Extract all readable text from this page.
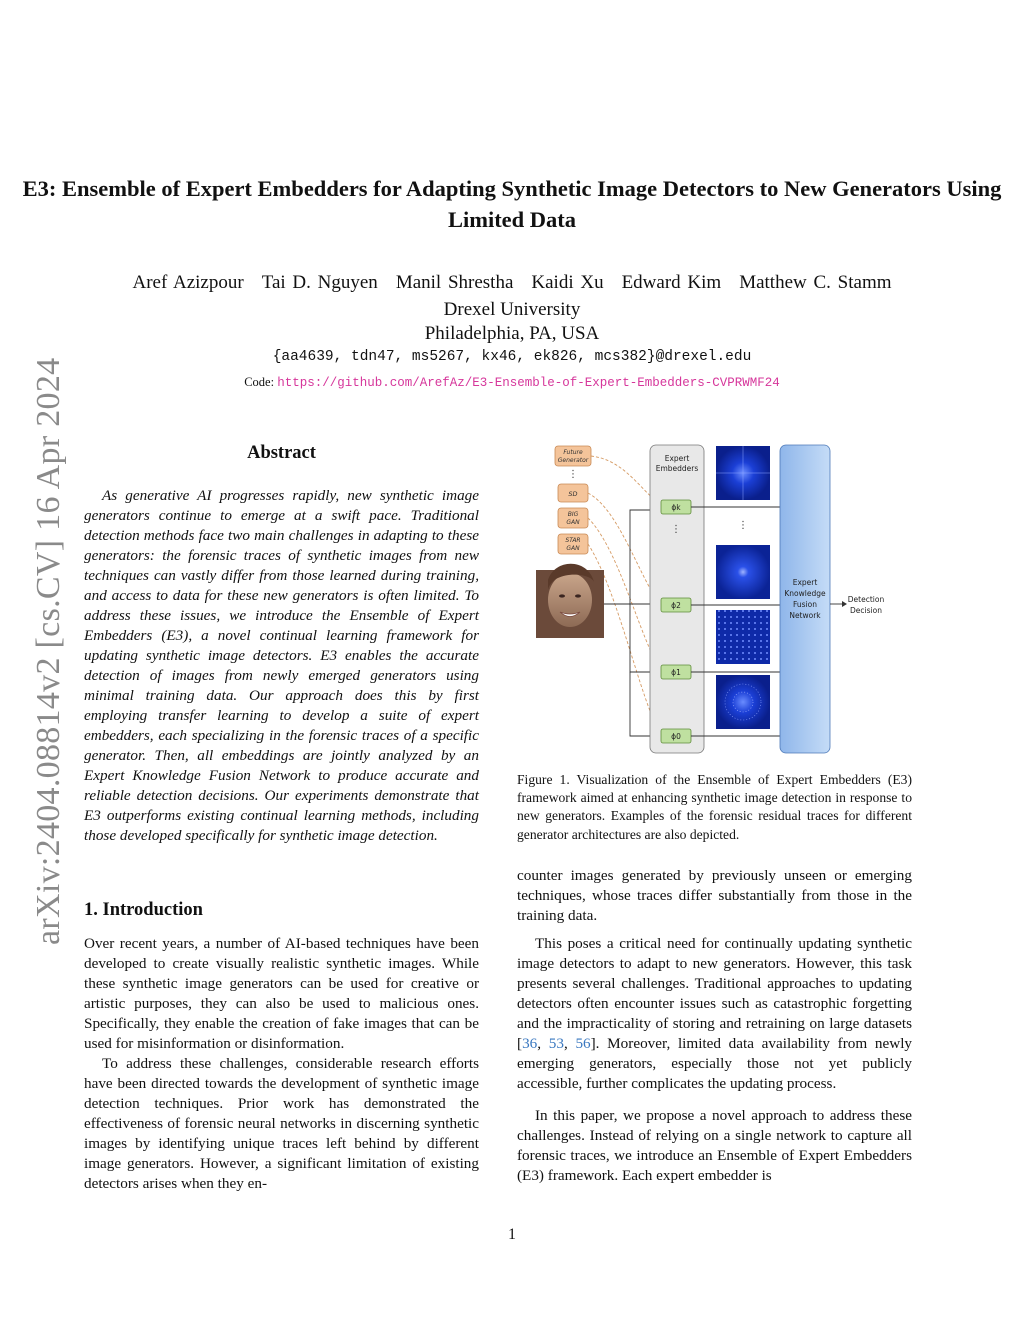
E3: Ensemble of Expert Embedders for Adapting Synthetic Image Detectors to New Generators Using Limited Data
Aref Azizpour Tai D. Nguyen Manil Shrestha Kaidi Xu Edward Kim Matthew C. Stamm
Drexel University
Philadelphia, PA, USA
{aa4639, tdn47, ms5267, kx46, ek826, mcs382}@drexel.edu
Code: https://github.com/ArefAz/E3-Ensemble-of-Expert-Embedders-CVPRWMF24
arXiv:2404.08814v2 [cs.CV] 16 Apr 2024	Abstract

As generative AI progresses rapidly, new synthetic image generators continue to emerge at a swift pace. Traditional detection methods face two main challenges in adapting to these generators: the forensic traces of synthetic images from new techniques can vastly differ from those learned during training, and access to data for these new generators is often limited. To address these issues, we introduce the Ensemble of Expert Embedders (E3), a novel continual learning framework for updating synthetic image detectors. E3 enables the accurate detection of images from newly emerged generators using minimal training data. Our approach does this by first employing transfer learning to develop a suite of expert embedders, each specializing in the forensic traces of a specific generator. Then, all embeddings are jointly analyzed by an Expert Knowledge Fusion Network to produce accurate and reliable detection decisions. Our experiments demonstrate that E3 outperforms existing continual learning methods, including those developed specifically for synthetic image detection.

1. Introduction

Over recent years, a number of AI-based techniques have been developed to create visually realistic synthetic images. While these synthetic image generators can be used for creative or artistic purposes, they can also be used to malicious ones. Specifically, they enable the creation of fake images that can be used for misinformation or disinformation.

To address these challenges, considerable research efforts have been directed towards the development of synthetic image detection techniques. Prior work has demonstrated the effectiveness of forensic neural networks in discerning synthetic images by identifying unique traces left behind by different image generators. However, a significant limitation of existing detectors arises when they en-

Future
Generator
⋮
SD
BIG
GAN
STAR
GAN
Expert
Embedders
ϕk
⋮
ϕ2
ϕ1
ϕ0
⋮
Expert
Knowledge
Fusion
Network
Detection
Decision
Figure 1. Visualization of the Ensemble of Expert Embedders (E3) framework aimed at enhancing synthetic image detection in response to new generators. Examples of the forensic residual traces for different generator architectures are also depicted.

counter images generated by previously unseen or emerging techniques, whose traces differ substantially from those in the training data.

This poses a critical need for continually updating synthetic image detectors to adapt to new generators. However, this task presents several challenges. Traditional approaches to updating detectors often encounter issues such as catastrophic forgetting and the impracticality of storing and retraining on large datasets [36, 53, 56]. Moreover, limited data availability from newly emerging generators, especially those not yet publicly accessible, further complicates the updating process.

In this paper, we propose a novel approach to address these challenges. Instead of relying on a single network to capture all forensic traces, we introduce an Ensemble of Expert Embedders (E3) framework. Each expert embedder is

1
